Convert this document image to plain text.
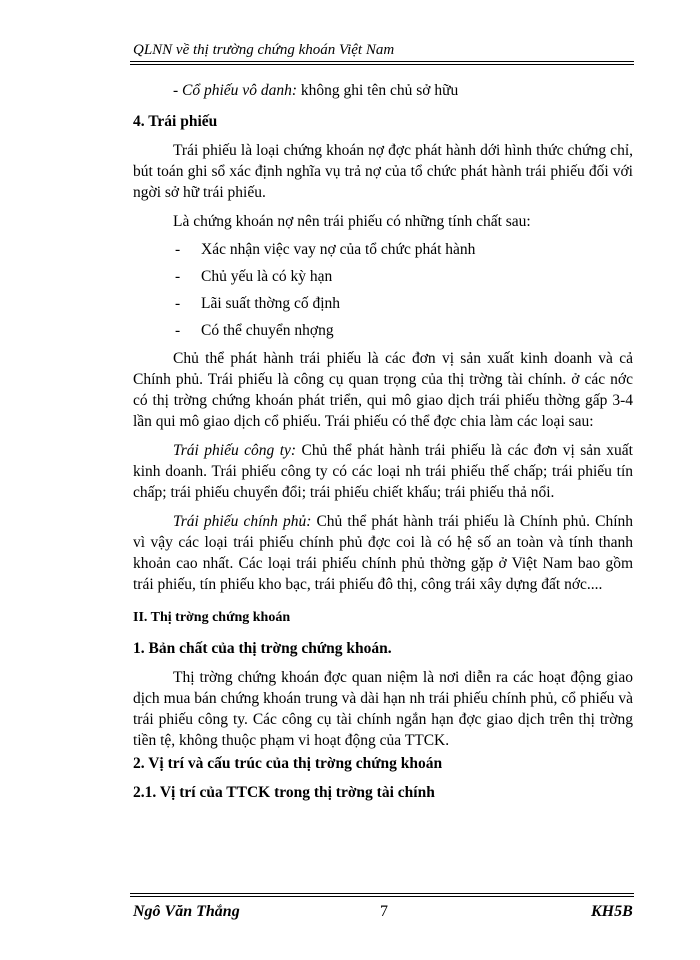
QLNN về thị trường chứng khoán Việt Nam

- Cổ phiếu vô danh: không ghi tên chủ sở hữu

4. Trái phiếu

Trái phiếu là loại chứng khoán nợ đợc phát hành dới hình thức chứng chỉ, bút toán ghi sổ xác định nghĩa vụ trả nợ của tổ chức phát hành trái phiếu đối với ngời sở hữ trái phiếu.

Là chứng khoán nợ nên trái phiếu có những tính chất sau:

- Xác nhận việc vay nợ của tổ chức phát hành
- Chủ yếu là có kỳ hạn
- Lãi suất thờng cố định
- Có thể chuyển nhợng

Chủ thể phát hành trái phiếu là các đơn vị sản xuất kinh doanh và cả Chính phủ. Trái phiếu là công cụ quan trọng của thị trờng tài chính. ở các nớc có thị trờng chứng khoán phát triển, qui mô giao dịch trái phiếu thờng gấp 3-4 lần qui mô giao dịch cổ phiếu. Trái phiếu có thể đợc chia làm các loại sau:

Trái phiếu công ty: Chủ thể phát hành trái phiếu là các đơn vị sản xuất kinh doanh. Trái phiếu công ty có các loại nh trái phiếu thế chấp; trái phiếu tín chấp; trái phiếu chuyển đổi; trái phiếu chiết khấu; trái phiếu thả nổi.

Trái phiếu chính phủ: Chủ thể phát hành trái phiếu là Chính phủ. Chính vì vậy các loại trái phiếu chính phủ đợc coi là có hệ số an toàn và tính thanh khoản cao nhất. Các loại trái phiếu chính phủ thờng gặp ở Việt Nam bao gồm trái phiếu, tín phiếu kho bạc, trái phiếu đô thị, công trái xây dựng đất nớc....

II. Thị trờng chứng khoán

1. Bản chất của thị trờng chứng khoán.

Thị trờng chứng khoán đợc quan niệm là nơi diễn ra các hoạt động giao dịch mua bán chứng khoán trung và dài hạn nh trái phiếu chính phủ, cổ phiếu và trái phiếu công ty. Các công cụ tài chính ngắn hạn đợc giao dịch trên thị trờng tiền tệ, không thuộc phạm vi hoạt động của TTCK.

2. Vị trí và cấu trúc của thị trờng chứng khoán

2.1. Vị trí của TTCK trong thị trờng tài chính

Ngô Văn Thắng	7	KH5B
